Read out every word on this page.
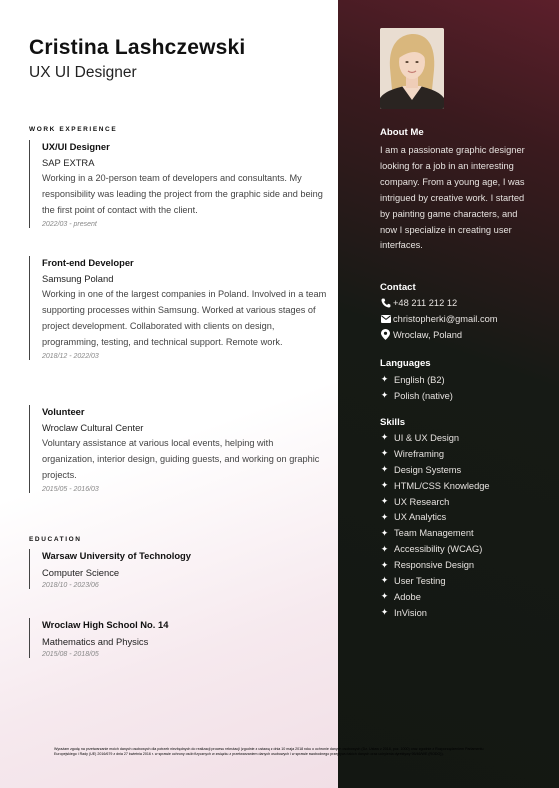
Cristina Lashczewski
UX UI Designer
WORK EXPERIENCE
UX/UI Designer
SAP EXTRA
Working in a 20-person team of developers and consultants. My responsibility was leading the project from the graphic side and being the first point of contact with the client.
2022/03 - present
Front-end Developer
Samsung Poland
Working in one of the largest companies in Poland. Involved in a team supporting processes within Samsung. Worked at various stages of project development. Collaborated with clients on design, programming, testing, and technical support. Remote work.
2018/12 - 2022/03
Volunteer
Wroclaw Cultural Center
Voluntary assistance at various local events, helping with organization, interior design, guiding guests, and working on graphic projects.
2015/05 - 2016/03
EDUCATION
Warsaw University of Technology
Computer Science
2018/10 - 2023/06
Wroclaw High School No. 14
Mathematics and Physics
2015/08 - 2018/05
About Me
I am a passionate graphic designer looking for a job in an interesting company. From a young age, I was intrigued by creative work. I started by painting game characters, and now I specialize in creating user interfaces.
Contact
+48 211 212 12
christopherki@gmail.com
Wroclaw, Poland
Languages
✦ English (B2)
✦ Polish (native)
Skills
✦ UI & UX Design
✦ Wireframing
✦ Design Systems
✦ HTML/CSS Knowledge
✦ UX Research
✦ UX Analytics
✦ Team Management
✦ Accessibility (WCAG)
✦ Responsive Design
✦ User Testing
✦ Adobe
✦ InVision
Wyrażam zgodę na przetwarzanie moich danych osobowych dla potrzeb niezbędnych do realizacji procesu rekrutacji (zgodnie z ustawą z dnia 10 maja 2018 roku o ochronie danych osobowych (Dz. Ustaw z 2018, poz. 1000) oraz zgodnie z Rozporządzeniem Parlamentu Europejskiego i Rady (UE) 2016/679 z dnia 27 kwietnia 2016 r. w sprawie ochrony osób fizycznych w związku z przetwarzaniem danych osobowych i w sprawie swobodnego przepływu takich danych oraz uchylenia dyrektywy 95/46/WE (RODO)).
